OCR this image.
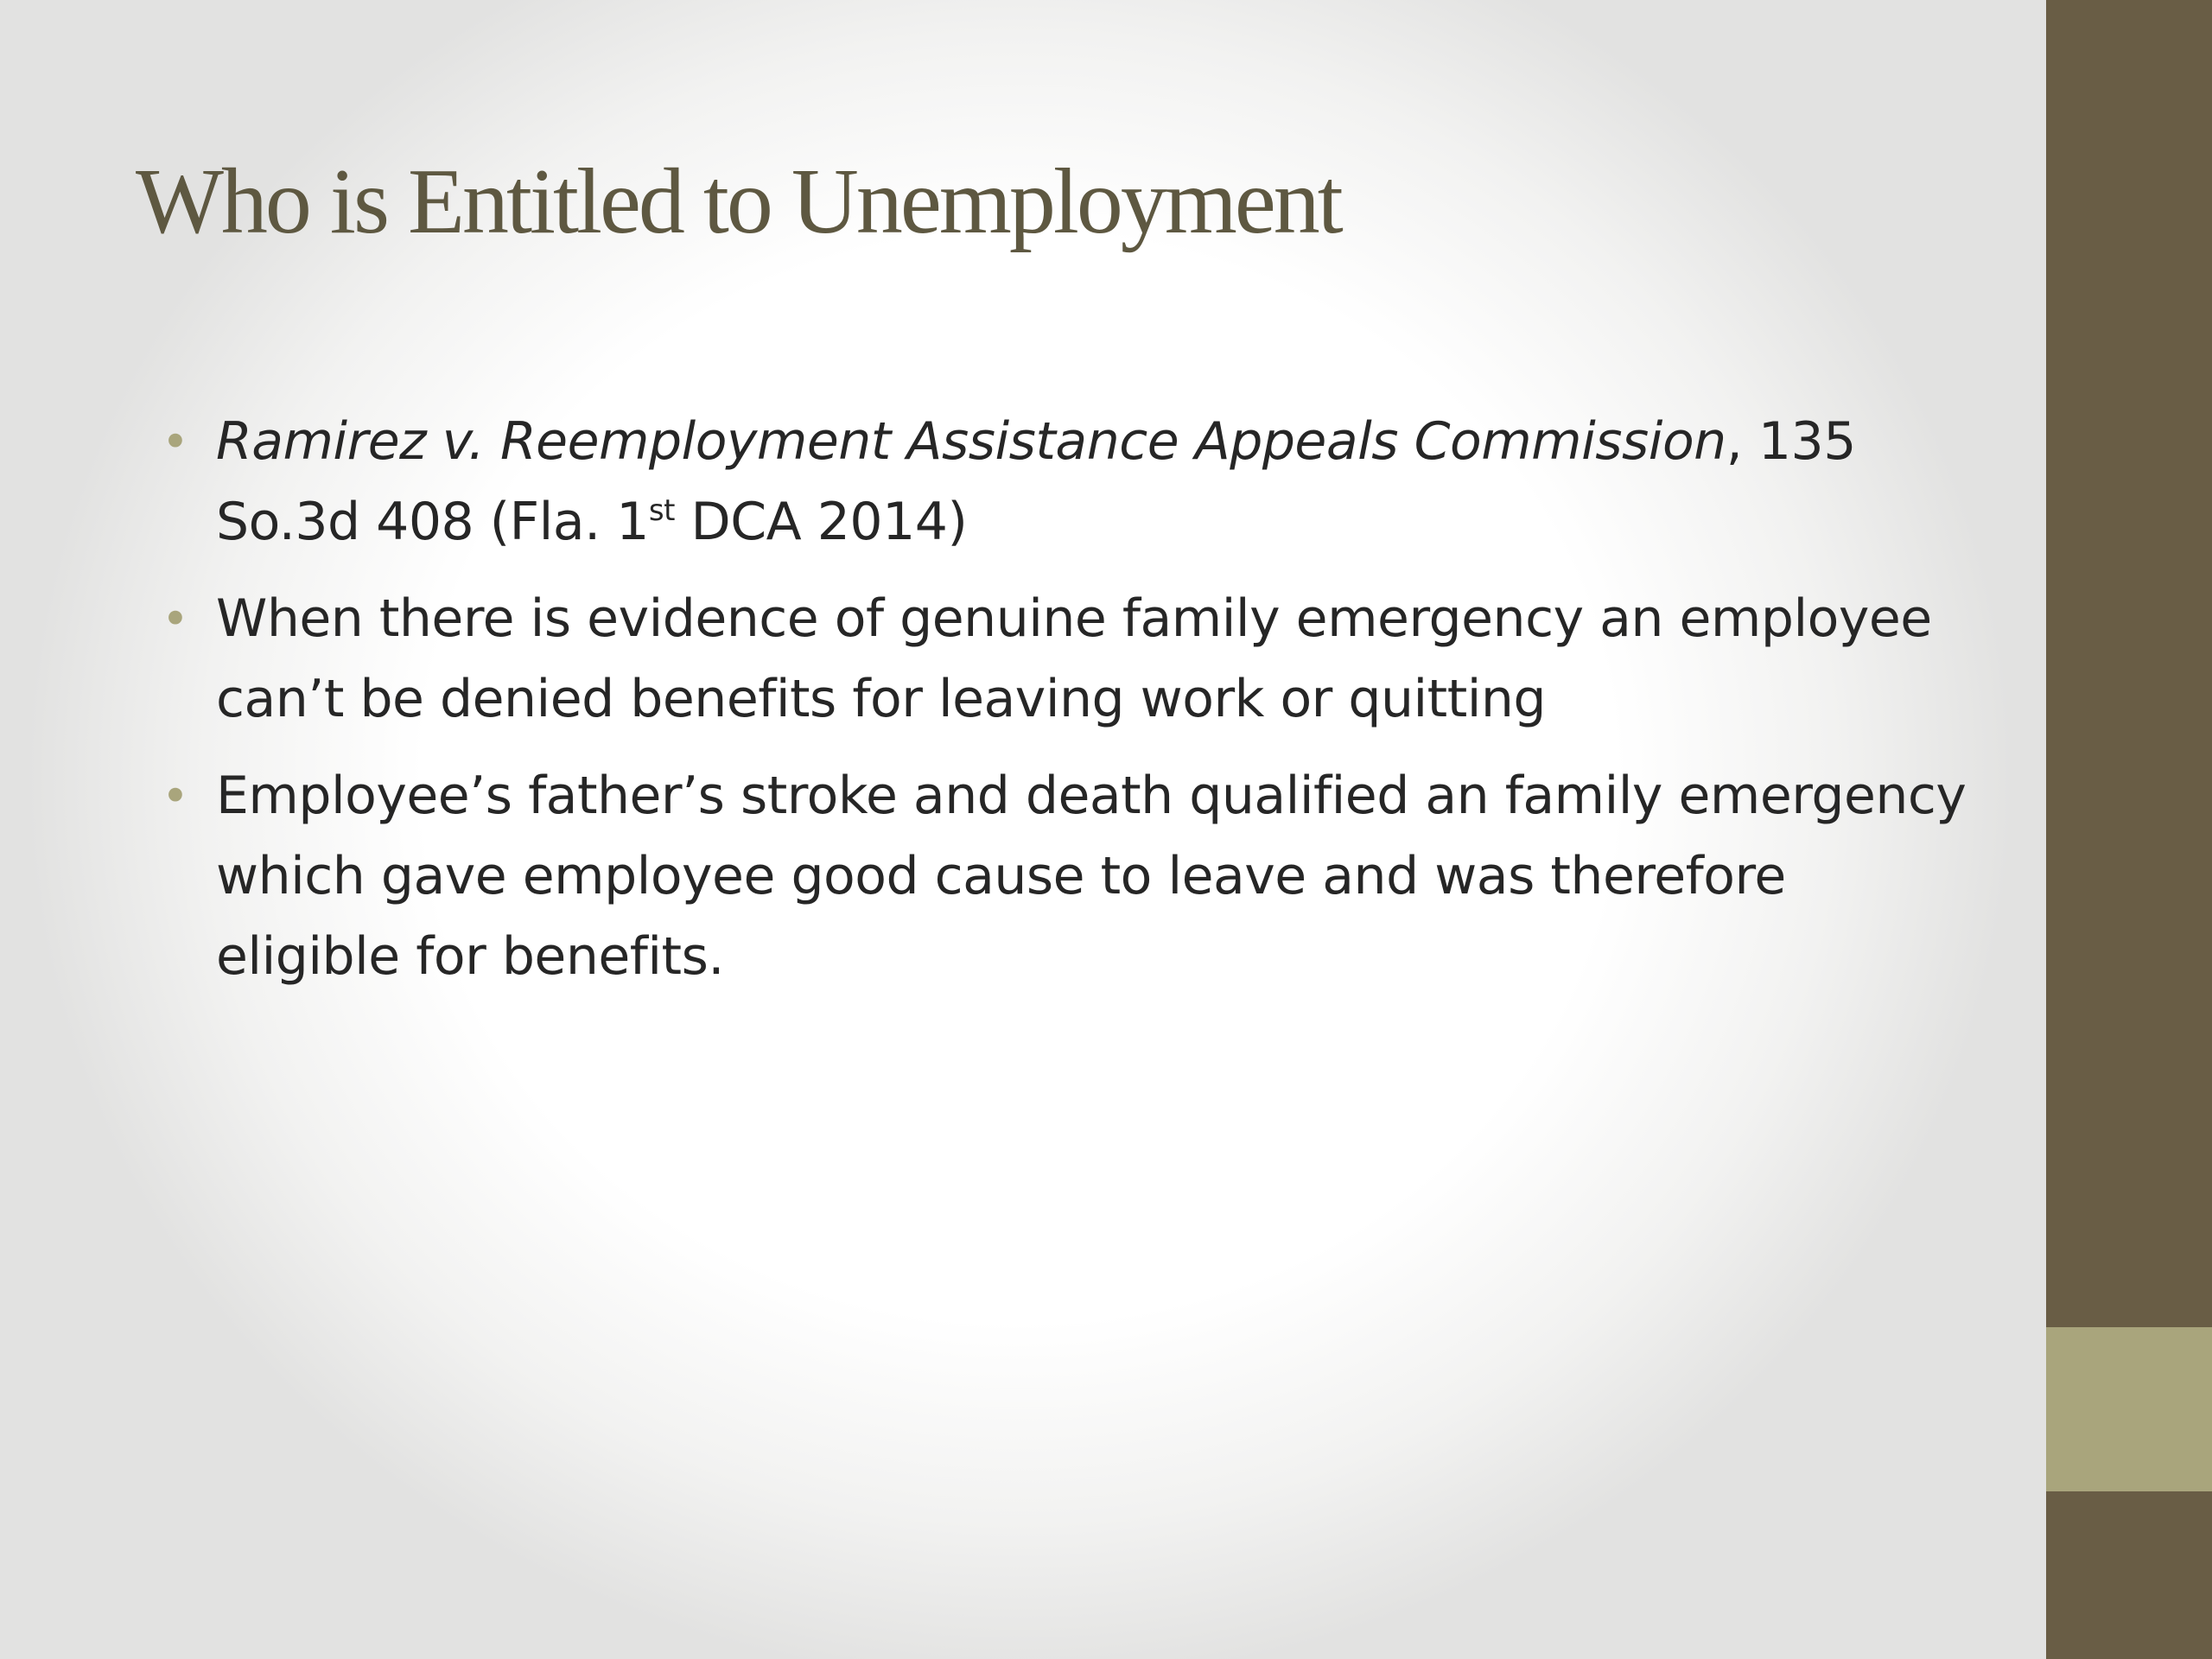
Who is Entitled to Unemployment
• Ramirez v. Reemployment Assistance Appeals Commission, 135 So.3d 408 (Fla. 1st DCA 2014)
• When there is evidence of genuine family emergency an employee can’t be denied benefits for leaving work or quitting
• Employee’s father’s stroke and death qualified an family emergency which gave employee good cause to leave and was therefore eligible for benefits.
